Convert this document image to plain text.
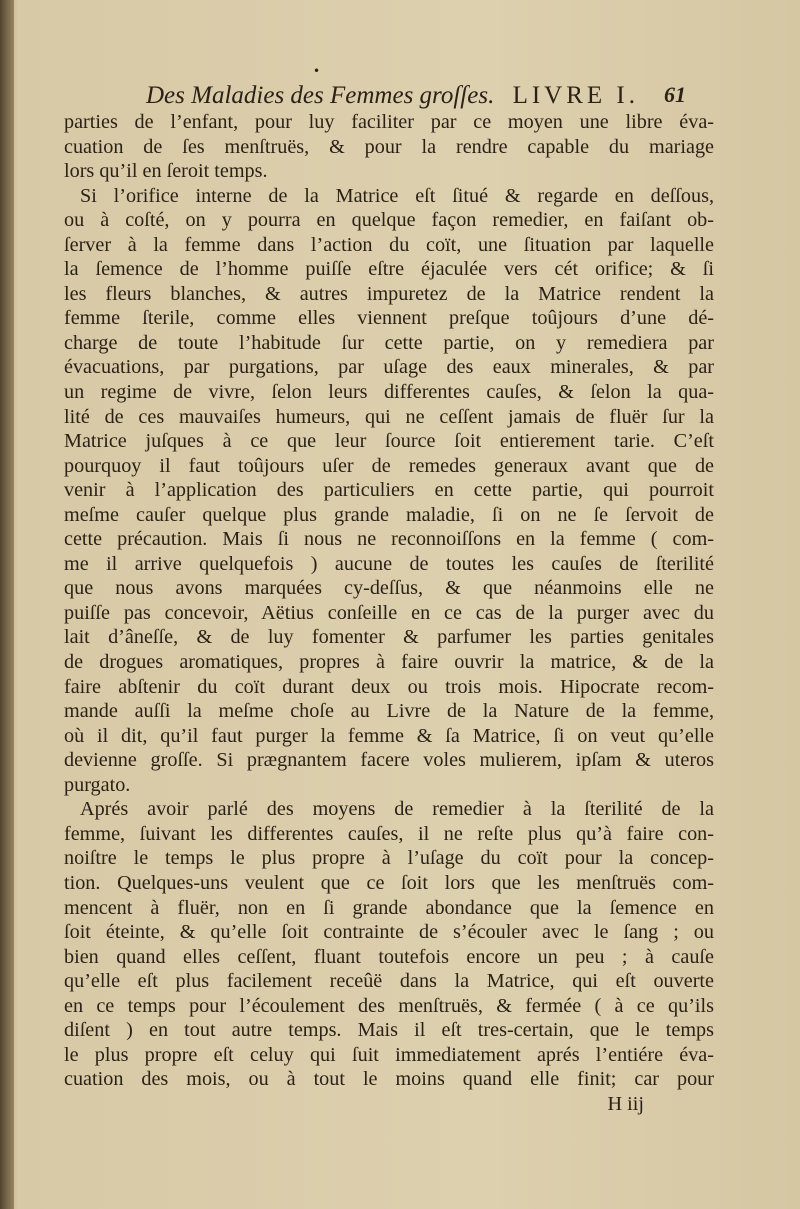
•
Des Maladies des Femmes groſſes. LIVRE I. 61
parties de l’enfant, pour luy faciliter par ce moyen une libre éva-
cuation de ſes menſtruës, & pour la rendre capable du mariage
lors qu’il en ſeroit temps.
Si l’orifice interne de la Matrice eſt ſitué & regarde en deſſous,
ou à coſté, on y pourra en quelque façon remedier, en faiſant ob-
ſerver à la femme dans l’action du coït, une ſituation par laquelle
la ſemence de l’homme puiſſe eſtre éjaculée vers cét orifice; & ſi
les fleurs blanches, & autres impuretez de la Matrice rendent la
femme ſterile, comme elles viennent preſque toûjours d’une dé-
charge de toute l’habitude ſur cette partie, on y remediera par
évacuations, par purgations, par uſage des eaux minerales, & par
un regime de vivre, ſelon leurs differentes cauſes, & ſelon la qua-
lité de ces mauvaiſes humeurs, qui ne ceſſent jamais de fluër ſur la
Matrice juſques à ce que leur ſource ſoit entierement tarie. C’eſt
pourquoy il faut toûjours uſer de remedes generaux avant que de
venir à l’application des particuliers en cette partie, qui pourroit
meſme cauſer quelque plus grande maladie, ſi on ne ſe ſervoit de
cette précaution. Mais ſi nous ne reconnoiſſons en la femme ( com-
me il arrive quelquefois ) aucune de toutes les cauſes de ſterilité
que nous avons marquées cy-deſſus, & que néanmoins elle ne
puiſſe pas concevoir, Aëtius conſeille en ce cas de la purger avec du
lait d’âneſſe, & de luy fomenter & parfumer les parties genitales
de drogues aromatiques, propres à faire ouvrir la matrice, & de la
faire abſtenir du coït durant deux ou trois mois. Hipocrate recom-
mande auſſi la meſme choſe au Livre de la Nature de la femme,
où il dit, qu’il faut purger la femme & ſa Matrice, ſi on veut qu’elle
devienne groſſe. Si prægnantem facere voles mulierem, ipſam & uteros
purgato.
Aprés avoir parlé des moyens de remedier à la ſterilité de la
femme, ſuivant les differentes cauſes, il ne reſte plus qu’à faire con-
noiſtre le temps le plus propre à l’uſage du coït pour la concep-
tion. Quelques-uns veulent que ce ſoit lors que les menſtruës com-
mencent à fluër, non en ſi grande abondance que la ſemence en
ſoit éteinte, & qu’elle ſoit contrainte de s’écouler avec le ſang ; ou
bien quand elles ceſſent, fluant toutefois encore un peu ; à cauſe
qu’elle eſt plus facilement receûë dans la Matrice, qui eſt ouverte
en ce temps pour l’écoulement des menſtruës, & fermée ( à ce qu’ils
diſent ) en tout autre temps. Mais il eſt tres-certain, que le temps
le plus propre eſt celuy qui ſuit immediatement aprés l’entiére éva-
cuation des mois, ou à tout le moins quand elle finit; car pour
H iij
